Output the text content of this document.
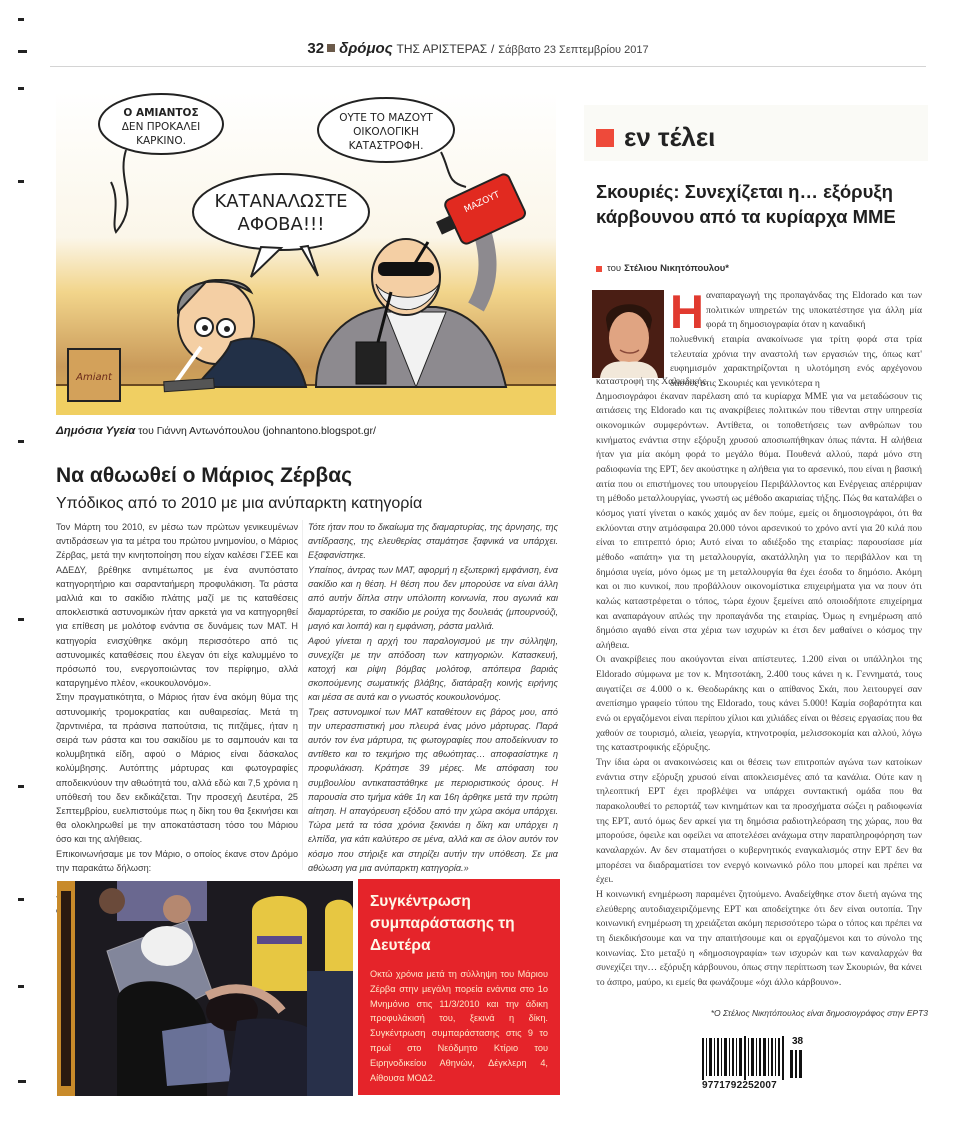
32 δρόμος ΤΗΣ ΑΡΙΣΤΕΡΑΣ / Σάββατο 23 Σεπτεμβρίου 2017
Ο ΑΜΙΑΝΤΟΣ
ΔΕΝ ΠΡΟΚΑΛΕΙ
ΚΑΡΚΙΝΟ.
ΟΥΤΕ ΤΟ ΜΑΖΟΥΤ
ΟΙΚΟΛΟΓΙΚΗ
ΚΑΤΑΣΤΡΟΦΗ.
ΚΑΤΑΝΑΛΩΣΤΕ
ΑΦΟΒΑ!!!
Amiant
ΜΑΖΟΥΤ
Δημόσια Υγεία του Γιάννη Αντωνόπουλου (johnantono.blogspot.gr/
Να αθωωθεί ο Μάριος Ζέρβας
Υπόδικος από το 2010 με μια ανύπαρκτη κατηγορία

Τον Μάρτη του 2010, εν μέσω των πρώτων γενικευμένων αντιδράσεων για τα μέτρα του πρώτου μνημονίου, ο Μάριος Ζέρβας, μετά την κινητοποίηση που είχαν καλέσει ΓΣΕΕ και ΑΔΕΔΥ, βρέθηκε αντιμέτωπος με ένα ανυπόστατο κατηγορητήριο και σαρανταήμερη προφυλάκιση. Τα ράστα μαλλιά και το σακίδιο πλάτης μαζί με τις καταθέσεις αποκλειστικά αστυνομικών ήταν αρκετά για να κατηγορηθεί για επίθεση με μολότοφ ενάντια σε δυνάμεις των ΜΑΤ. Η κατηγορία ενισχύθηκε ακόμη περισσότερο από τις αστυνομικές καταθέσεις που έλεγαν ότι είχε καλυμμένο το πρόσωπό του, ενεργοποιώντας τον περίφημο, αλλά καταργημένο πλέον, «κουκουλονόμο».

Στην πραγματικότητα, ο Μάριος ήταν ένα ακόμη θύμα της αστυνομικής τρομοκρατίας και αυθαιρεσίας. Μετά τη ζαρντινιέρα, τα πράσινα παπούτσια, τις πιτζάμες, ήταν η σειρά των ράστα και του σακιδίου με το σαμπουάν και τα κολυμβητικά είδη, αφού ο Μάριος είναι δάσκαλος κολύμβησης. Αυτόπτης μάρτυρας και φωτογραφίες αποδεικνύουν την αθωότητά του, αλλά εδώ και 7,5 χρόνια η υπόθεσή του δεν εκδικάζεται. Την προσεχή Δευτέρα, 25 Σεπτεμβρίου, ευελπιστούμε πως η δίκη του θα ξεκινήσει και θα ολοκληρωθεί με την αποκατάσταση τόσο του Μάριου όσο και της αλήθειας.

Επικοινωνήσαμε με τον Μάριο, ο οποίος έκανε στον Δρόμο την παρακάτω δήλωση:

Τότε ήταν που το δικαίωμα της διαμαρτυρίας, της άρνησης, της αντίδρασης, της ελευθερίας σταμάτησε ξαφνικά να υπάρχει. Εξαφανίστηκε.

Υπαίτιος, άντρας των ΜΑΤ, αφορμή η εξωτερική εμφάνιση, ένα σακίδιο και η θέση. Η θέση που δεν μπορούσε να είναι άλλη από αυτήν δίπλα στην υπόλοιπη κοινωνία, που αγωνιά και διαμαρτύρεται, το σακίδιο με ρούχα της δουλειάς (μπουρνούζι, μαγιό και λοιπά) και η εμφάνιση, ράστα μαλλιά.

Αφού γίνεται η αρχή του παραλογισμού με την σύλληψη, συνεχίζει με την απόδοση των κατηγοριών. Κατασκευή, κατοχή και ρίψη βόμβας μολότοφ, απόπειρα βαριάς σκοπούμενης σωματικής βλάβης, διατάραξη κοινής ειρήνης και μέσα σε αυτά και ο γνωστός κουκουλονόμος.

Τρεις αστυνομικοί των ΜΑΤ καταθέτουν εις βάρος μου, από την υπερασπιστική μου πλευρά ένας μόνο μάρτυρας. Παρά αυτόν τον ένα μάρτυρα, τις φωτογραφίες που αποδείκνυαν το αντίθετο και το τεκμήριο της αθωότητας… αποφασίστηκε η προφυλάκιση. Κράτησε 39 μέρες. Με απόφαση του συμβουλίου αντικαταστάθηκε με περιοριστικούς όρους. Η παρουσία στο τμήμα κάθε 1η και 16η άρθηκε μετά την πρώτη αίτηση. Η απαγόρευση εξόδου από την χώρα ακόμα υπάρχει. Τώρα μετά τα τόσα χρόνια ξεκινάει η δίκη και υπάρχει η ελπίδα, για κάτι καλύτερο σε μένα, αλλά και σε όλον αυτόν τον κόσμο που στήριξε και στηρίζει αυτήν την υπόθεση. Σε μια αθώωση για μια ανύπαρκτη κατηγορία.»

Συγκέντρωση συμπαράστασης τη Δευτέρα

Οκτώ χρόνια μετά τη σύλληψη του Μάριου Ζέρβα στην μεγάλη πορεία ενάντια στο 1ο Μνημόνιο στις 11/3/2010 και την άδικη προφυλάκισή του, ξεκινά η δίκη. Συγκέντρωση συμπαράστασης στις 9 το πρωί στο Νεόδμητο Κτίριο του Ειρηνοδικείου Αθηνών, Δέγκλερη 4, Αίθουσα ΜΟΔ2.

εν τέλει
Σκουριές: Συνεχίζεται η… εξόρυξη κάρβουνου από τα κυρίαρχα ΜΜΕ
του Στέλιου Νικητόπουλου*
Η αναπαραγωγή της προπαγάνδας της Eldorado και των πολιτικών υπηρετών της υποκατέστησε για άλλη μία φορά τη δημοσιογραφία όταν η καναδική
πολυεθνική εταιρία ανακοίνωσε για τρίτη φορά στα τρία τελευταία χρόνια την αναστολή των εργασιών της, όπως κατ' ευφημισμόν χαρακτηρίζονται η υλοτόμηση ενός αρχέγονου δάσους στις Σκουριές και γενικότερα η

καταστροφή της Χαλκιδικής.

Δημοσιογράφοι έκαναν παρέλαση από τα κυρίαρχα ΜΜΕ για να μεταδώσουν τις αιτιάσεις της Eldorado και τις ανακρίβειες πολιτικών που τίθενται στην υπηρεσία οικονομικών συμφερόντων. Αντίθετα, οι τοποθετήσεις των ανθρώπων του κινήματος ενάντια στην εξόρυξη χρυσού αποσιωπήθηκαν όπως πάντα. Η αλήθεια ήταν για μία ακόμη φορά το μεγάλο θύμα. Πουθενά αλλού, παρά μόνο στη ραδιοφωνία της ΕΡΤ, δεν ακούστηκε η αλήθεια για το αρσενικό, που είναι η βασική αιτία που οι επιστήμονες του υπουργείου Περιβάλλοντος και Ενέργειας απέρριψαν τη μέθοδο μεταλλουργίας, γνωστή ως μέθοδο ακαριαίας τήξης. Πώς θα καταλάβει ο κόσμος γιατί γίνεται ο κακός χαμός αν δεν πούμε, εμείς οι δημοσιογράφοι, ότι θα εκλύονται στην ατμόσφαιρα 20.000 τόνοι αρσενικού το χρόνο αντί για 20 κιλά που είναι το επιτρεπτό όριο; Αυτό είναι το αδιέξοδο της εταιρίας: παρουσίασε μία μέθοδο «απάτη» για τη μεταλλουργία, ακατάλληλη για το περιβάλλον και τη δημόσια υγεία, μόνο όμως με τη μεταλλουργία θα έχει έσοδα το δημόσιο. Ακόμη και οι πιο κυνικοί, που προβάλλουν οικονομίστικα επιχειρήματα για να πουν ότι καλώς καταστρέφεται ο τόπος, τώρα έχουν ξεμείνει από οποιοδήποτε επιχείρημα και αναπαράγουν απλώς την προπαγάνδα της εταιρίας. Όμως η ενημέρωση από δημόσιο αγαθό είναι στα χέρια των ισχυρών κι έτσι δεν μαθαίνει ο κόσμος την αλήθεια.

Οι ανακρίβειες που ακούγονται είναι απίστευτες. 1.200 είναι οι υπάλληλοι της Eldorado σύμφωνα με τον κ. Μητσοτάκη, 2.400 τους κάνει η κ. Γεννηματά, τους αυγατίζει σε 4.000 ο κ. Θεοδωράκης και ο απίθανος Σκάι, που λειτουργεί σαν ανεπίσημο γραφείο τύπου της Eldorado, τους κάνει 5.000! Καμία σοβαρότητα και ενώ οι εργαζόμενοι είναι περίπου χίλιοι και χιλιάδες είναι οι θέσεις εργασίας που θα χαθούν σε τουρισμό, αλιεία, γεωργία, κτηνοτροφία, μελισσοκομία και αλλού, λόγω της καταστροφικής εξόρυξης.

Την ίδια ώρα οι ανακοινώσεις και οι θέσεις των επιτροπών αγώνα των κατοίκων ενάντια στην εξόρυξη χρυσού είναι αποκλεισμένες από τα κανάλια. Ούτε καν η τηλεοπτική ΕΡΤ έχει προβλέψει να υπάρχει συντακτική ομάδα που θα παρακολουθεί το ρεπορτάζ των κινημάτων και τα προσχήματα σώζει η ραδιοφωνία της ΕΡΤ, αυτό όμως δεν αρκεί για τη δημόσια ραδιοτηλεόραση της χώρας, που θα μπορούσε, όφειλε και οφείλει να αποτελέσει ανάχωμα στην παραπληροφόρηση των καναλαρχών. Αν δεν σταματήσει ο κυβερνητικός εναγκαλισμός στην ΕΡΤ δεν θα μπορέσει να διαδραματίσει τον ενεργό κοινωνικό ρόλο που μπορεί και πρέπει να έχει.

Η κοινωνική ενημέρωση παραμένει ζητούμενο. Αναδείχθηκε στον διετή αγώνα της ελεύθερης αυτοδιαχειριζόμενης ΕΡΤ και αποδείχτηκε ότι δεν είναι ουτοπία. Την κοινωνική ενημέρωση τη χρειάζεται ακόμη περισσότερο τώρα ο τόπος και πρέπει να τη διεκδικήσουμε και να την απαιτήσουμε και οι εργαζόμενοι και το σύνολο της κοινωνίας. Στο μεταξύ η «δημοσιογραφία» των ισχυρών και των καναλαρχών θα συνεχίζει την… εξόρυξη κάρβουνου, όπως στην περίπτωση των Σκουριών, θα κάνει το άσπρο, μαύρο, κι εμείς θα φωνάζουμε «όχι άλλο κάρβουνο».

*Ο Στέλιος Νικητόπουλος είναι δημοσιογράφος στην ΕΡΤ3
38
9771792252007
